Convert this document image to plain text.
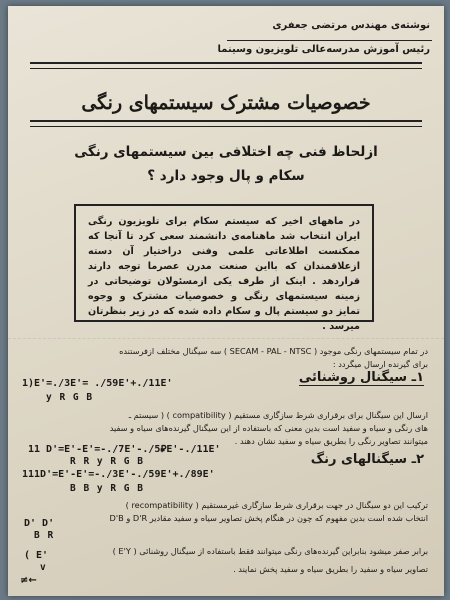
نوشته‌ی مهندس مرتضی جعفری
رئیس آموزش مدرسه‌عالی تلویزیون وسینما
خصوصیات مشترک سیستمهای رنگی
ازلحاظ فنی چه اختلافی بین سیستمهای رنگی
سکام و پال وجود دارد ؟

در ماههای اخیر که سیستم سکام برای تلویزیون رنگی ایران انتخاب شد ماهنامه‌ی دانشمند سعی کرد تا آنجا که ممکنست اطلاعاتی علمی وفنی دراختیار آن دسته ازعلاقمندان که بااین صنعت مدرن عصرما توجه دارند قراردهد . اینک از طرف یکی ازمسئولان توضیحاتی در زمینه سیستمهای رنگی و خصوصیات مشترک و وجوه تمایز دو سیستم پال و سکام داده شده که در زیر بنظرتان میرسد .

در تمام سیستمهای رنگی موجود ( SECAM - PAL - NTSC ) سه سیگنال مختلف ازفرستنده
برای گیرنده ارسال میگردد :
1)E'=./3E'= ./59E'+./11E'
y R G B
۱ـ سیگنال روشنائی
ارسال این سیگنال برای برقراری شرط سازگاری مستقیم ( compatibility ) ( سیستم ـ
های رنگی و سیاه و سفید است بدین معنی که باستفاده از این سیگنال گیرنده‌های سیاه و سفید
میتوانند تصاویر رنگی را بطریق سیاه و سفید نشان دهند .
11 D'=E'-E'=-./7E'-./5⃄E'-./11E'
R R y R G B
111D'=E'-E'=-./3E'-./59E'+./89E'
B B y R G B
۲ـ سیگنالهای رنگ
ترکیب این دو سیگنال در جهت برقراری شرط سازگاری غیرمستقیم ( recompatibility )
انتخاب شده است بدین مفهوم که چون در هنگام پخش تصاویر سیاه و سفید مقادیر D'R و D'B
D' D'
B R
برابر صفر میشود بنابراین گیرنده‌های رنگی میتوانند فقط باستفاده از سیگنال روشنائی ( E'Y )
( E'
v	تصاویر سیاه و سفید را بطریق سیاه و سفید پخش نمایند .
≠←
